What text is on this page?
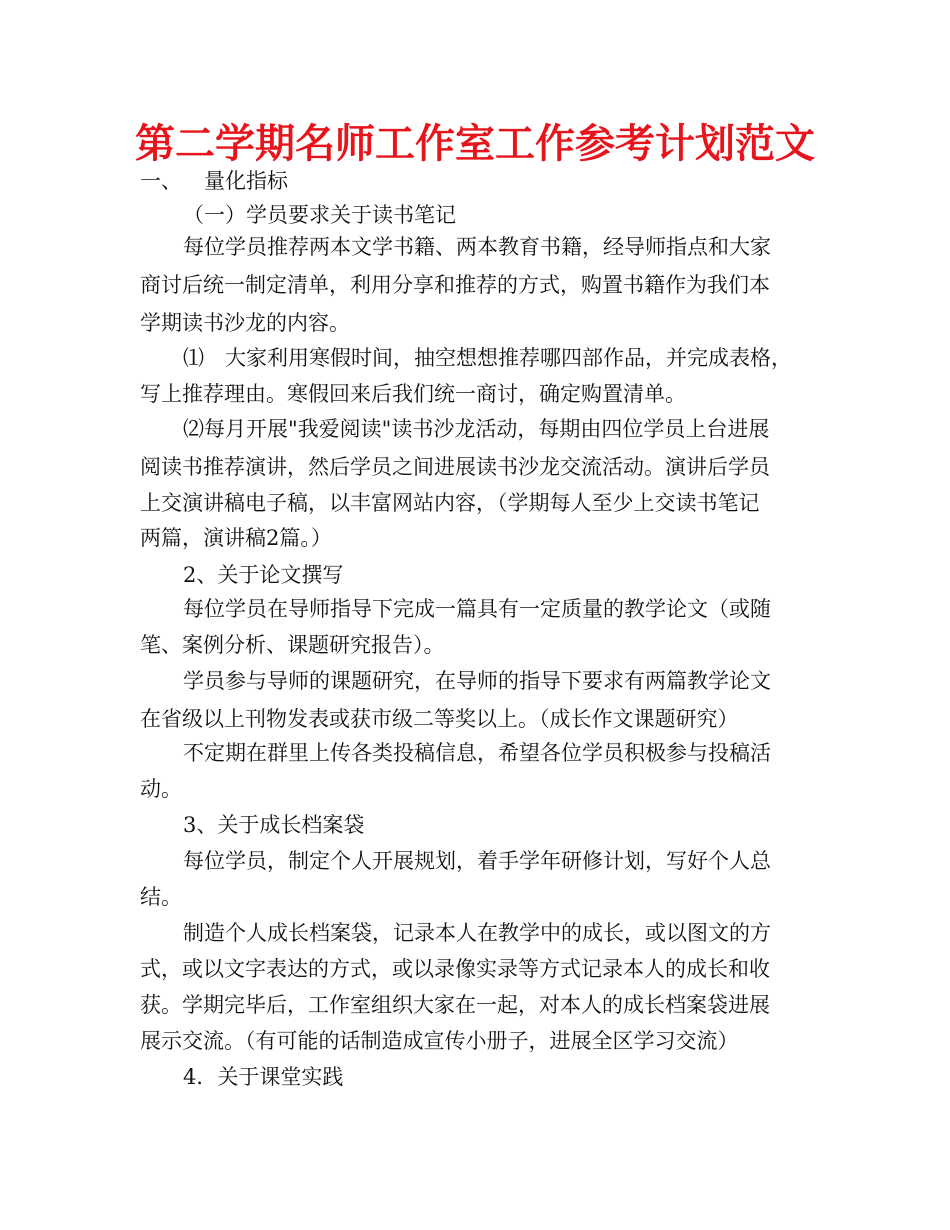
第二学期名师工作室工作参考计划范文

一、 量化指标

（一）学员要求关于读书笔记

每位学员推荐两本文学书籍、两本教育书籍，经导师指点和大家

商讨后统一制定清单，利用分享和推荐的方式，购置书籍作为我们本

学期读书沙龙的内容。

⑴　大家利用寒假时间，抽空想想推荐哪四部作品，并完成表格，

写上推荐理由。寒假回来后我们统一商讨，确定购置清单。

⑵每月开展"我爱阅读"读书沙龙活动，每期由四位学员上台进展

阅读书推荐演讲，然后学员之间进展读书沙龙交流活动。演讲后学员

上交演讲稿电子稿，以丰富网站内容，（学期每人至少上交读书笔记

两篇，演讲稿2篇。）

2、关于论文撰写

每位学员在导师指导下完成一篇具有一定质量的教学论文（或随

笔、案例分析、课题研究报告）。

学员参与导师的课题研究，在导师的指导下要求有两篇教学论文

在省级以上刊物发表或获市级二等奖以上。（成长作文课题研究）

不定期在群里上传各类投稿信息，希望各位学员积极参与投稿活

动。

3、关于成长档案袋

每位学员，制定个人开展规划，着手学年研修计划，写好个人总

结。

制造个人成长档案袋，记录本人在教学中的成长，或以图文的方

式，或以文字表达的方式，或以录像实录等方式记录本人的成长和收

获。学期完毕后，工作室组织大家在一起，对本人的成长档案袋进展

展示交流。（有可能的话制造成宣传小册子，进展全区学习交流）

4．关于课堂实践
